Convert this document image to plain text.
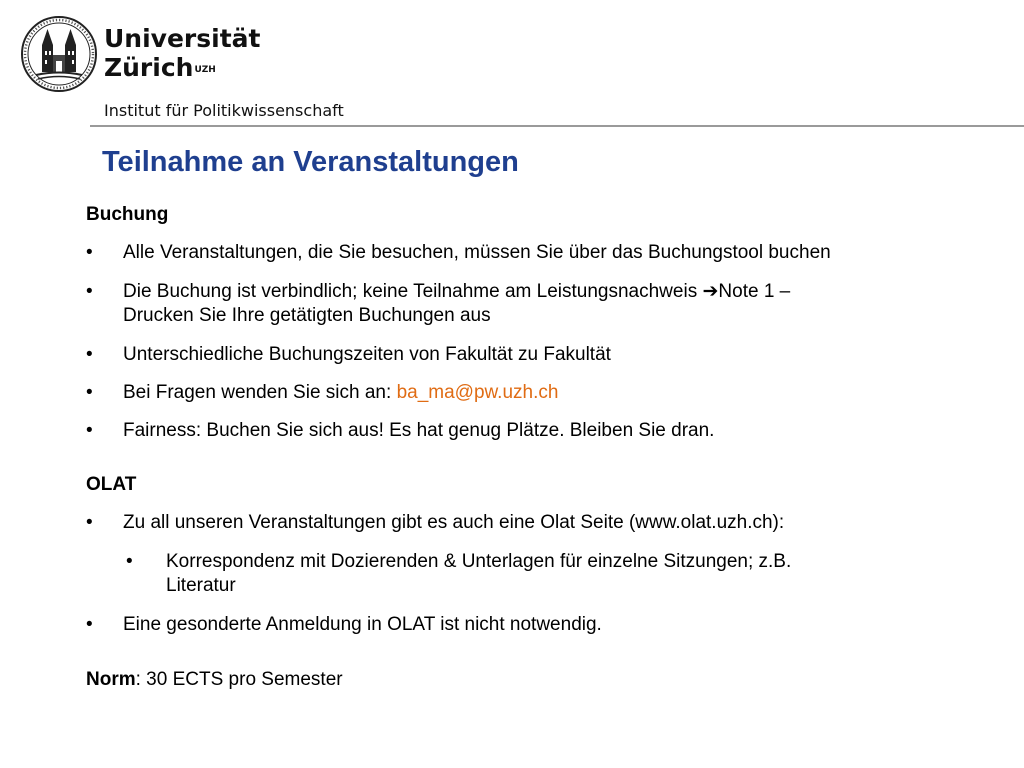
Universität
Zürich$^{UZH}$
Institut für Politikwissenschaft
Teilnahme an Veranstaltungen
Buchung
• Alle Veranstaltungen, die Sie besuchen, müssen Sie über das Buchungstool buchen
• Die Buchung ist verbindlich; keine Teilnahme am Leistungsnachweis ➔Note 1 –
Drucken Sie Ihre getätigten Buchungen aus
• Unterschiedliche Buchungszeiten von Fakultät zu Fakultät
• Bei Fragen wenden Sie sich an: ba_ma@pw.uzh.ch
• Fairness: Buchen Sie sich aus! Es hat genug Plätze. Bleiben Sie dran.
OLAT
• Zu all unseren Veranstaltungen gibt es auch eine Olat Seite (www.olat.uzh.ch):
• Korrespondenz mit Dozierenden & Unterlagen für einzelne Sitzungen; z.B.
Literatur
• Eine gesonderte Anmeldung in OLAT ist nicht notwendig.
Norm: 30 ECTS pro Semester
